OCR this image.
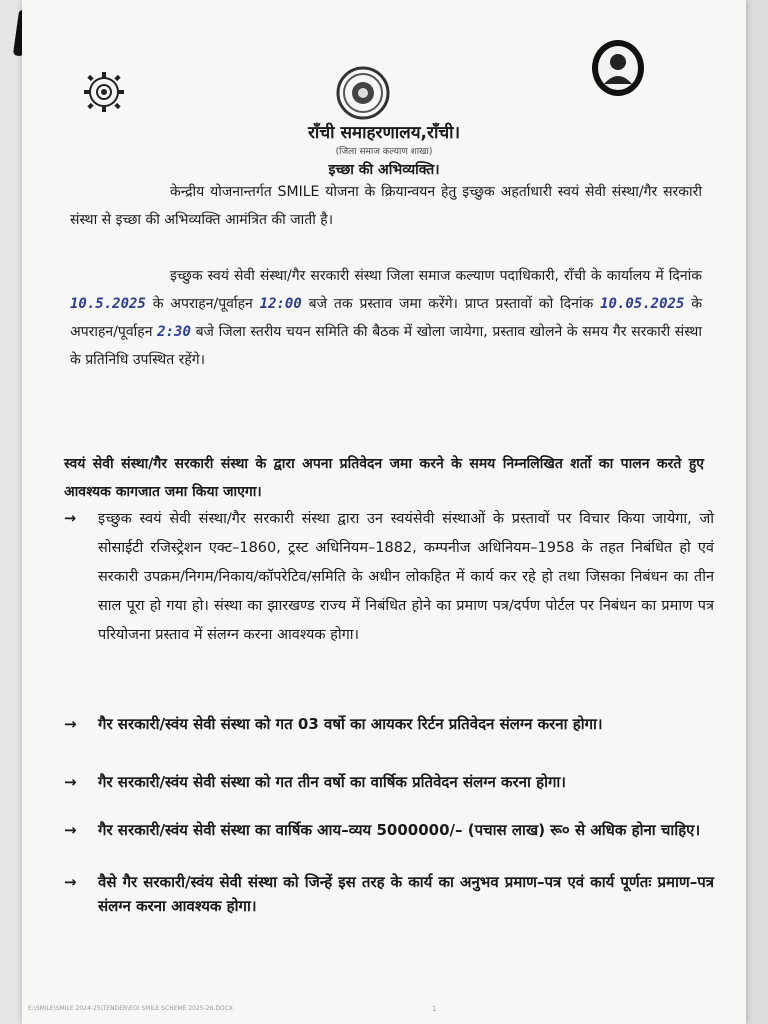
राँची समाहरणालय,राँची।
(जिला समाज कल्याण शाखा)
इच्छा की अभिव्यक्ति।
केन्द्रीय योजनान्तर्गत SMILE योजना के क्रियान्वयन हेतु इच्छुक अहर्ताधारी स्वयं सेवी संस्था/गैर सरकारी संस्था से इच्छा की अभिव्यक्ति आमंत्रित की जाती है।
इच्छुक स्वयं सेवी संस्था/गैर सरकारी संस्था जिला समाज कल्याण पदाधिकारी, राँची के कार्यालय में दिनांक 10.5.2025 के अपराहन/पूर्वाहन 12:00 बजे तक प्रस्ताव जमा करेंगे। प्राप्त प्रस्तावों को दिनांक 10.05.2025 के अपराहन/पूर्वाहन 2:30 बजे जिला स्तरीय चयन समिति की बैठक में खोला जायेगा, प्रस्ताव खोलने के समय गैर सरकारी संस्था के प्रतिनिधि उपस्थित रहेंगे।
स्वयं सेवी संस्था/गैर सरकारी संस्था के द्वारा अपना प्रतिवेदन जमा करने के समय निम्नलिखित शर्तो का पालन करते हुए आवश्यक कागजात जमा किया जाएगा।
→ इच्छुक स्वयं सेवी संस्था/गैर सरकारी संस्था द्वारा उन स्वयंसेवी संस्थाओं के प्रस्तावों पर विचार किया जायेगा, जो सोसाईटी रजिस्ट्रेशन एक्ट–1860, ट्रस्ट अधिनियम–1882, कम्पनीज अधिनियम–1958 के तहत निबंधित हो एवं सरकारी उपक्रम/निगम/निकाय/कॉपरेटिव/समिति के अधीन लोकहित में कार्य कर रहे हो तथा जिसका निबंधन का तीन साल पूरा हो गया हो। संस्था का झारखण्ड राज्य में निबंधित होने का प्रमाण पत्र/दर्पण पोर्टल पर निबंधन का प्रमाण पत्र परियोजना प्रस्ताव में संलग्न करना आवश्यक होगा।
→ गैर सरकारी/स्वंय सेवी संस्था को गत 03 वर्षो का आयकर रिर्टन प्रतिवेदन संलग्न करना होगा।
→ गैर सरकारी/स्वंय सेवी संस्था को गत तीन वर्षो का वार्षिक प्रतिवेदन संलग्न करना होगा।
→ गैर सरकारी/स्वंय सेवी संस्था का वार्षिक आय–व्यय 5000000/– (पचास लाख) रू० से अधिक होना चाहिए।
→ वैसे गैर सरकारी/स्वंय सेवी संस्था को जिन्हें इस तरह के कार्य का अनुभव प्रमाण–पत्र एवं कार्य पूर्णतः प्रमाण–पत्र संलग्न करना आवश्यक होगा।
E:\SMILE\SMILE 2024-25\TENDER\EOI SMILE SCHEME 2025-26.DOCX	1
